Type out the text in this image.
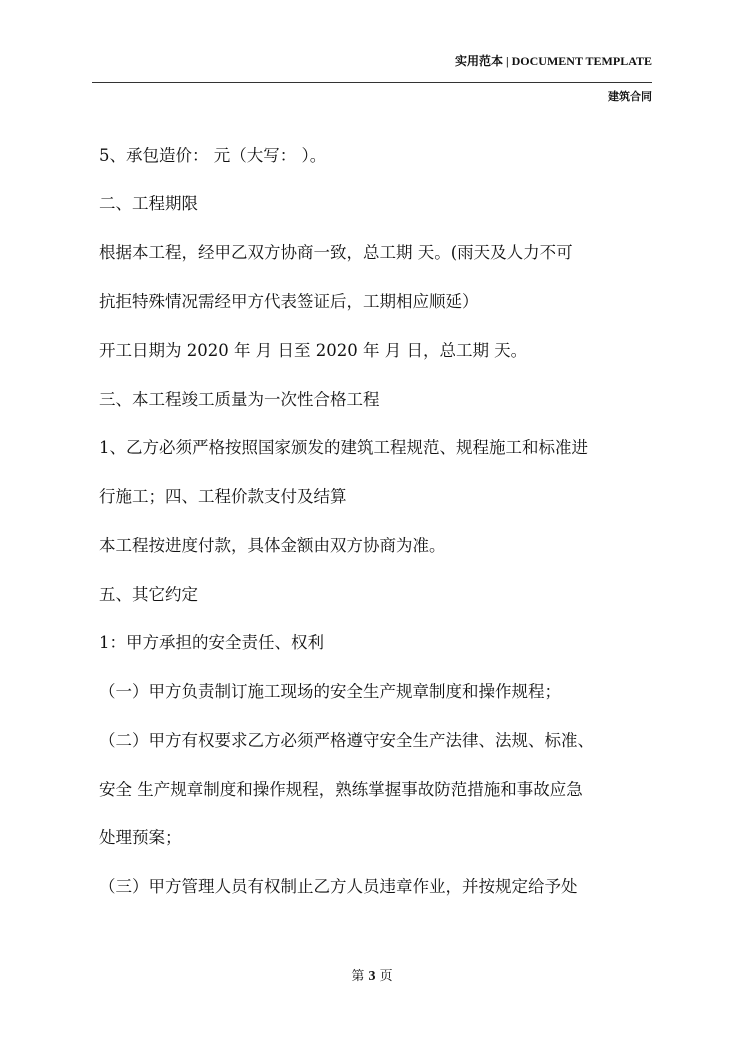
实用范本 | DOCUMENT TEMPLATE
建筑合同
5、承包造价： 元（大写： ）。
二、工程期限
根据本工程，经甲乙双方协商一致，总工期 天。(雨天及人力不可
抗拒特殊情况需经甲方代表签证后，工期相应顺延）
开工日期为 2020 年 月 日至 2020 年 月 日，总工期 天。
三、本工程竣工质量为一次性合格工程
1、乙方必须严格按照国家颁发的建筑工程规范、规程施工和标准进
行施工；四、工程价款支付及结算
本工程按进度付款，具体金额由双方协商为准。
五、其它约定
1：甲方承担的安全责任、权利
（一）甲方负责制订施工现场的安全生产规章制度和操作规程；
（二）甲方有权要求乙方必须严格遵守安全生产法律、法规、标准、
安全 生产规章制度和操作规程，熟练掌握事故防范措施和事故应急
处理预案；
（三）甲方管理人员有权制止乙方人员违章作业，并按规定给予处
第 3 页
